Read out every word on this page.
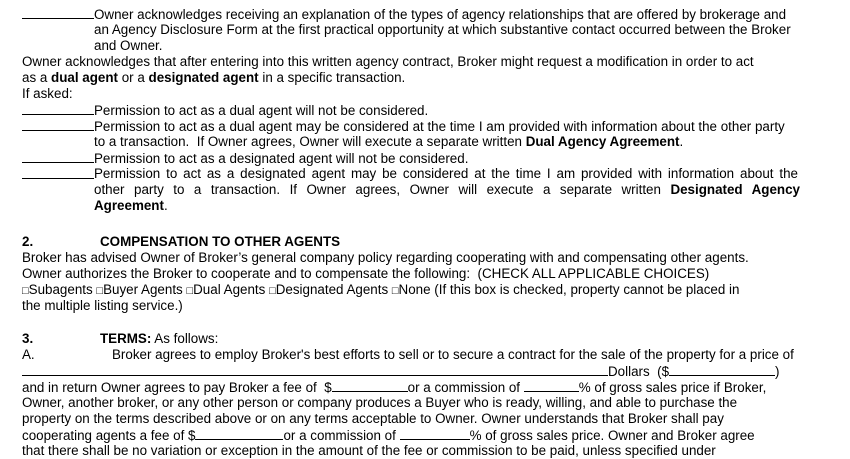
Owner acknowledges receiving an explanation of the types of agency relationships that are offered by brokerage and
an Agency Disclosure Form at the first practical opportunity at which substantive contact occurred between the Broker
and Owner.
Owner acknowledges that after entering into this written agency contract, Broker might request a modification in order to act
as a dual agent or a designated agent in a specific transaction.
If asked:
Permission to act as a dual agent will not be considered.
Permission to act as a dual agent may be considered at the time I am provided with information about the other party
to a transaction.  If Owner agrees, Owner will execute a separate written Dual Agency Agreement.
Permission to act as a designated agent will not be considered.
Permission to act as a designated agent may be considered at the time I am provided with information about the
other party to a transaction. If Owner agrees, Owner will execute a separate written Designated Agency
Agreement.
2.	COMPENSATION TO OTHER AGENTS
Broker has advised Owner of Broker’s general company policy regarding cooperating with and compensating other agents.
Owner authorizes the Broker to cooperate and to compensate the following:  (CHECK ALL APPLICABLE CHOICES)
□Subagents □Buyer Agents □Dual Agents □Designated Agents □None (If this box is checked, property cannot be placed in
the multiple listing service.)
3.	TERMS: As follows:
A.	Broker agrees to employ Broker's best efforts to sell or to secure a contract for the sale of the property for a price of
Dollars  ($	)
and in return Owner agrees to pay Broker a fee of  $	or a commission of	% of gross sales price if Broker,
Owner, another broker, or any other person or company produces a Buyer who is ready, willing, and able to purchase the
property on the terms described above or on any terms acceptable to Owner. Owner understands that Broker shall pay
cooperating agents a fee of $	or a commission of	% of gross sales price. Owner and Broker agree
that there shall be no variation or exception in the amount of the fee or commission to be paid, unless specified under
